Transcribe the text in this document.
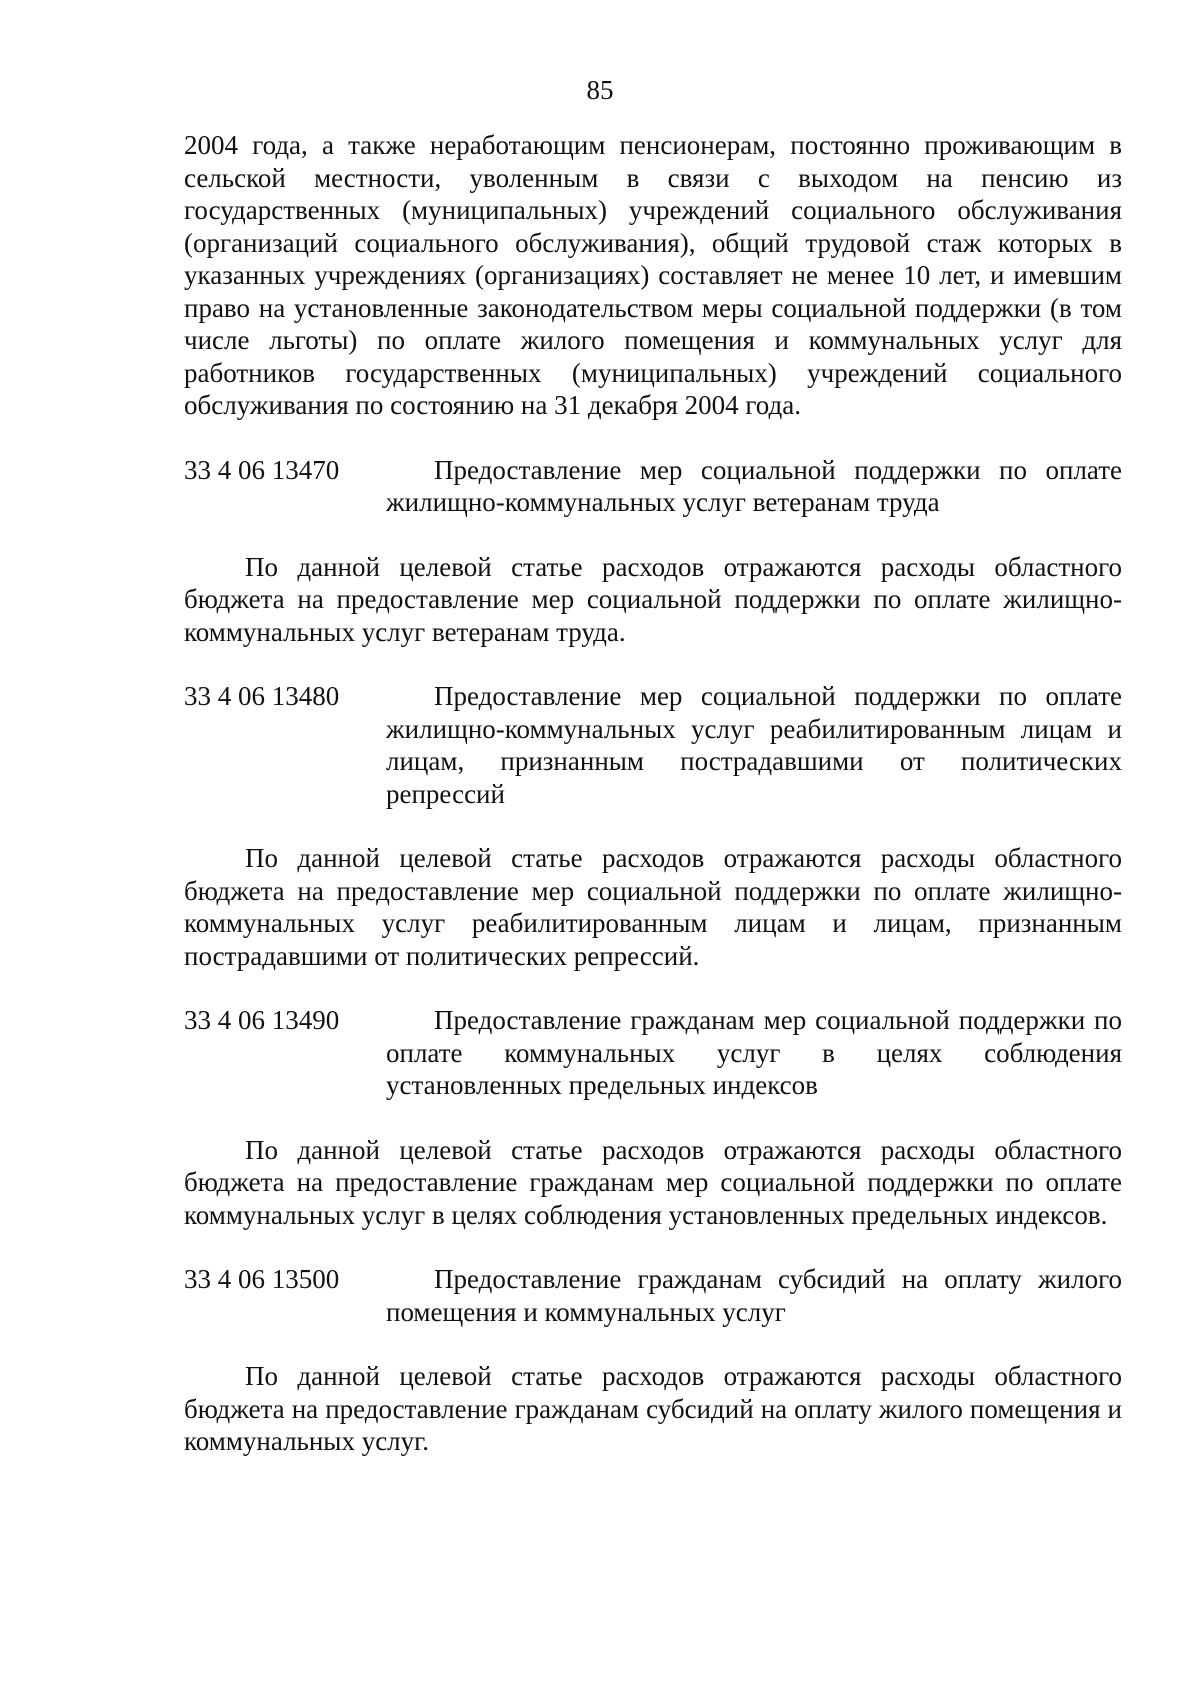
85

2004 года, а также неработающим пенсионерам, постоянно проживающим в сельской местности, уволенным в связи с выходом на пенсию из государственных (муниципальных) учреждений социального обслуживания (организаций социального обслуживания), общий трудовой стаж которых в указанных учреждениях (организациях) составляет не менее 10 лет, и имевшим право на установленные законодательством меры социальной поддержки (в том числе льготы) по оплате жилого помещения и коммунальных услуг для работников государственных (муниципальных) учреждений социального обслуживания по состоянию на 31 декабря 2004 года.

33 4 06 13470	Предоставление мер социальной поддержки по оплате жилищно-коммунальных услуг ветеранам труда

По данной целевой статье расходов отражаются расходы областного бюджета на предоставление мер социальной поддержки по оплате жилищно-коммунальных услуг ветеранам труда.

33 4 06 13480	Предоставление мер социальной поддержки по оплате жилищно-коммунальных услуг реабилитированным лицам и лицам, признанным пострадавшими от политических репрессий

По данной целевой статье расходов отражаются расходы областного бюджета на предоставление мер социальной поддержки по оплате жилищно-коммунальных услуг реабилитированным лицам и лицам, признанным пострадавшими от политических репрессий.

33 4 06 13490	Предоставление гражданам мер социальной поддержки по оплате коммунальных услуг в целях соблюдения установленных предельных индексов

По данной целевой статье расходов отражаются расходы областного бюджета на предоставление гражданам мер социальной поддержки по оплате коммунальных услуг в целях соблюдения установленных предельных индексов.

33 4 06 13500	Предоставление гражданам субсидий на оплату жилого помещения и коммунальных услуг

По данной целевой статье расходов отражаются расходы областного бюджета на предоставление гражданам субсидий на оплату жилого помещения и коммунальных услуг.
